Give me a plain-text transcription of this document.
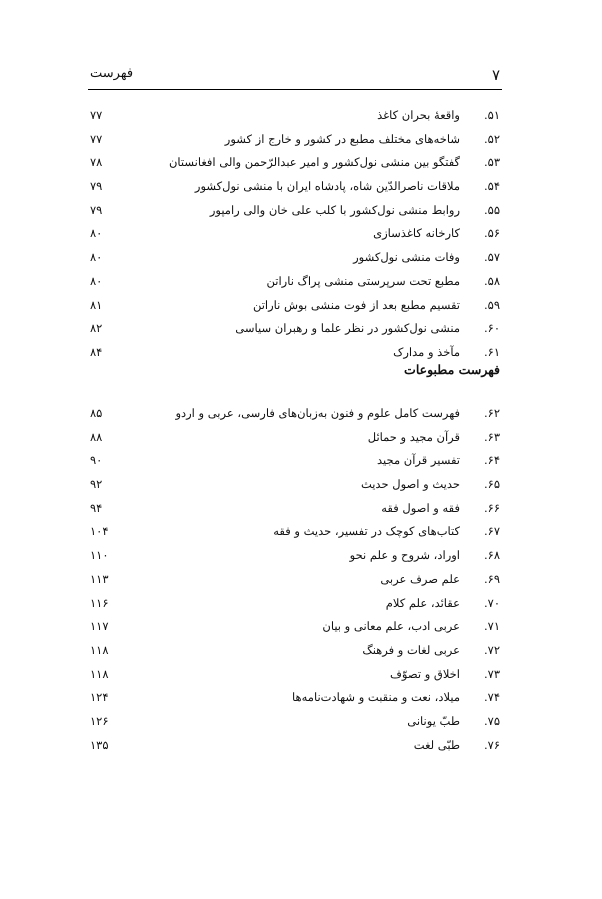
۷
فهرست
۵۱.
واقعهٔ بحران کاغذ
۷۷
۵۲.
شاخه‌های مختلف مطبع در کشور و خارج از کشور
۷۷
۵۳.
گفتگو بین منشی نول‌کشور و امیر عبدالرّحمن والی افغانستان
۷۸
۵۴.
ملاقات ناصرالدّین شاه، پادشاه ایران با منشی نول‌کشور
۷۹
۵۵.
روابط منشی نول‌کشور با کلب علی خان والی رامپور
۷۹
۵۶.
کارخانه کاغذسازی
۸۰
۵۷.
وفات منشی نول‌کشور
۸۰
۵۸.
مطبع تحت سرپرستی منشی پراگ ناراتن
۸۰
۵۹.
تقسیم مطبع بعد از فوت منشی بوش ناراتن
۸۱
۶۰.
منشی نول‌کشور در نظر علما و رهبران سیاسی
۸۲
۶۱.
مآخذ و مدارک
۸۴
فهرست مطبوعات
۶۲.
فهرست کامل علوم و فنون به‌زبان‌های فارسی، عربی و اردو
۸۵
۶۳.
قرآن مجید و حمائل
۸۸
۶۴.
تفسیر قرآن مجید
۹۰
۶۵.
حدیث و اصول حدیث
۹۲
۶۶.
فقه و اصول فقه
۹۴
۶۷.
کتاب‌های کوچک در تفسیر، حدیث و فقه
۱۰۴
۶۸.
اوراد، شروح و علم نحو
۱۱۰
۶۹.
علم صرف عربی
۱۱۳
۷۰.
عقائد، علم کلام
۱۱۶
۷۱.
عربی ادب، علم معانی و بیان
۱۱۷
۷۲.
عربی لغات و فرهنگ
۱۱۸
۷۳.
اخلاق و تصوّف
۱۱۸
۷۴.
میلاد، نعت و منقبت و شهادت‌نامه‌ها
۱۲۴
۷۵.
طبّ یونانی
۱۲۶
۷۶.
طبّی لغت
۱۳۵
